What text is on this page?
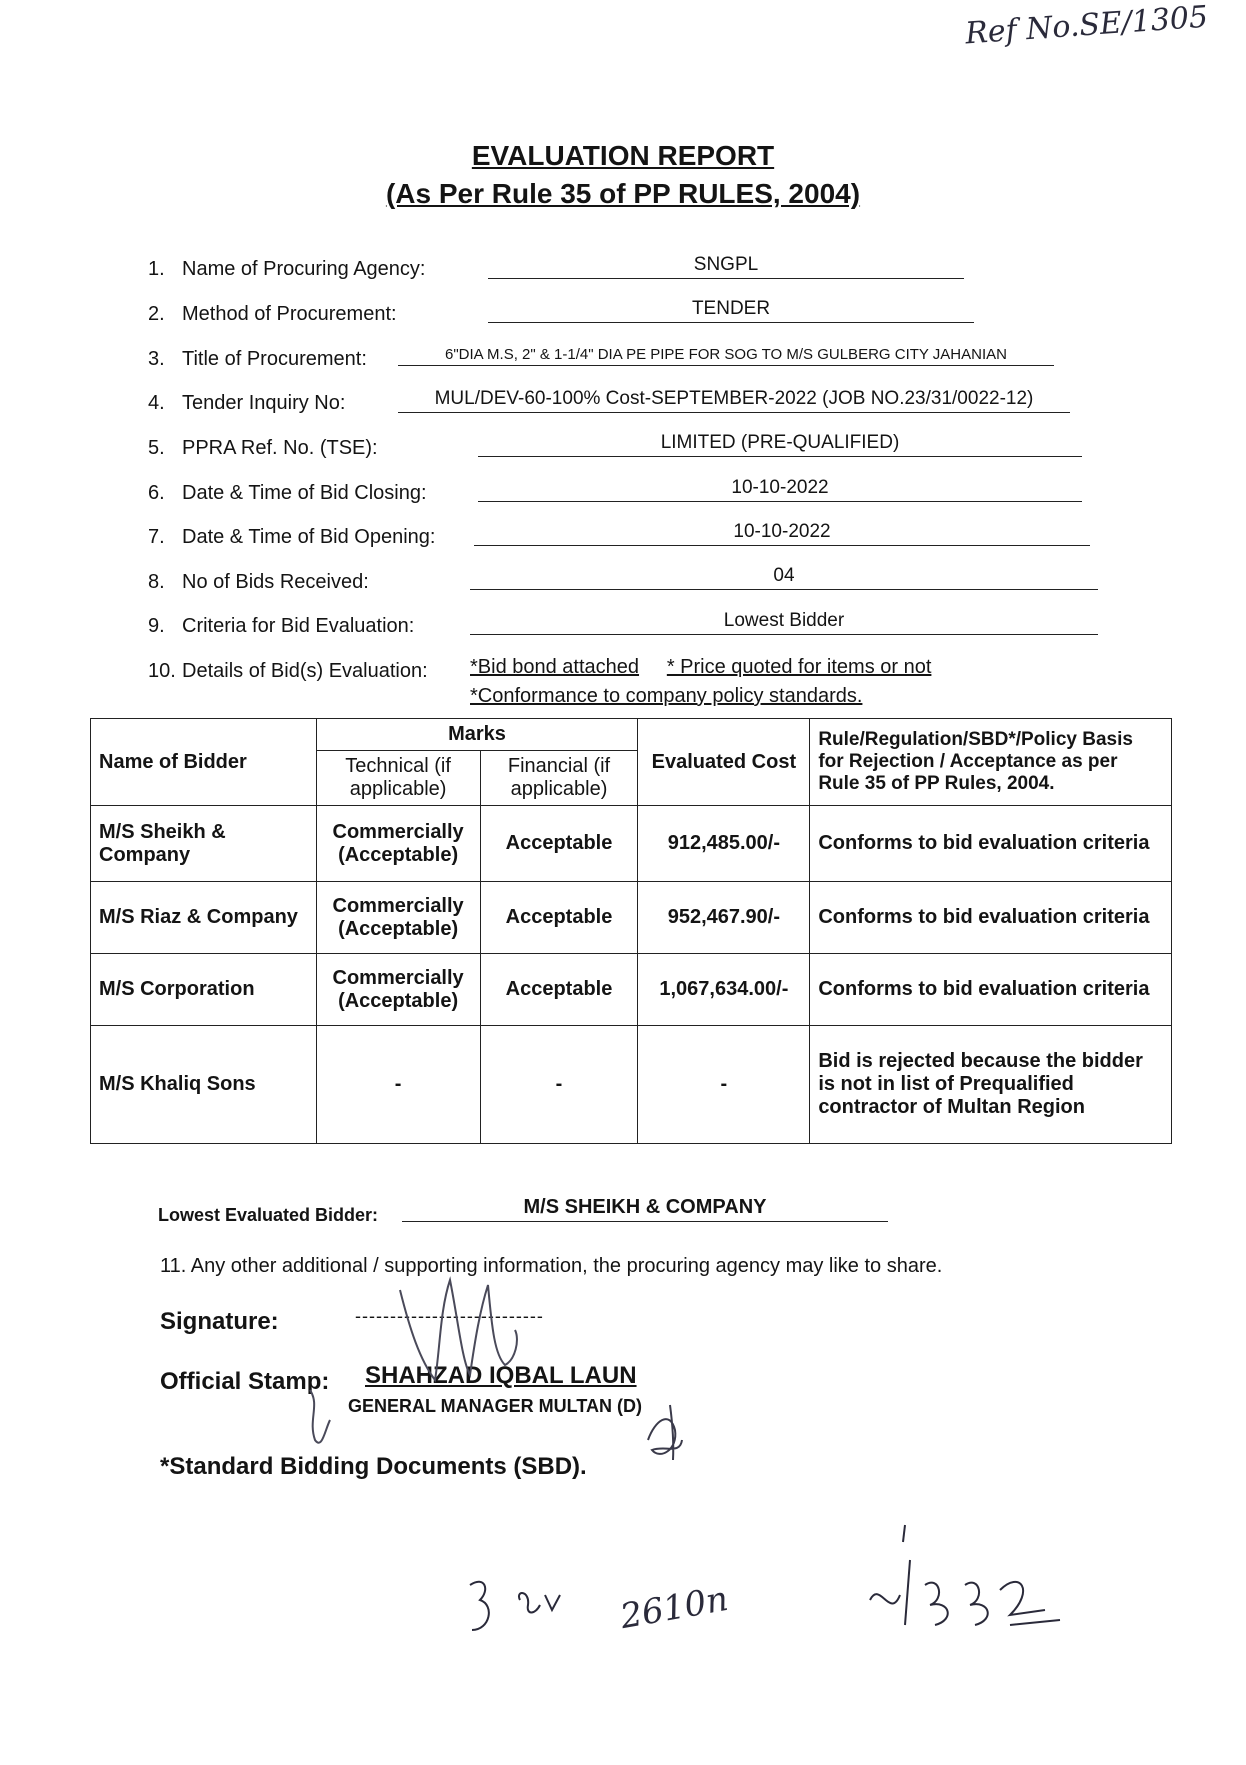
Ref No.SE/1305
EVALUATION REPORT
(As Per Rule 35 of PP RULES, 2004)
1. Name of Procuring Agency:	SNGPL
2. Method of Procurement:	TENDER
3. Title of Procurement:	6"DIA M.S, 2" & 1-1/4" DIA PE PIPE FOR SOG TO M/S GULBERG CITY JAHANIAN
4. Tender Inquiry No:	MUL/DEV-60-100% Cost-SEPTEMBER-2022 (JOB NO.23/31/0022-12)
5. PPRA Ref. No. (TSE):	LIMITED (PRE-QUALIFIED)
6. Date & Time of Bid Closing:	10-10-2022
7. Date & Time of Bid Opening:	10-10-2022
8. No of Bids Received:	04
9. Criteria for Bid Evaluation:	Lowest Bidder
10. Details of Bid(s) Evaluation: *Bid bond attached * Price quoted for items or not
*Conformance to company policy standards.
Name of Bidder	Marks		Evaluated Cost	Rule/Regulation/SBD*/Policy Basis for Rejection / Acceptance as per Rule 35 of PP Rules, 2004.
	Technical (if applicable)	Financial (if applicable)		
M/S Sheikh & Company	Commercially (Acceptable)	Acceptable	912,485.00/-	Conforms to bid evaluation criteria
M/S Riaz & Company	Commercially (Acceptable)	Acceptable	952,467.90/-	Conforms to bid evaluation criteria
M/S Corporation	Commercially (Acceptable)	Acceptable	1,067,634.00/-	Conforms to bid evaluation criteria
M/S Khaliq Sons	-	-	-	Bid is rejected because the bidder is not in list of Prequalified contractor of Multan Region
Lowest Evaluated Bidder:	M/S SHEIKH & COMPANY
11. Any other additional / supporting information, the procuring agency may like to share.
Signature:	---------------------------
Official Stamp: SHAHZAD IQBAL LAUN
GENERAL MANAGER MULTAN (D)
*Standard Bidding Documents (SBD).
2610n
